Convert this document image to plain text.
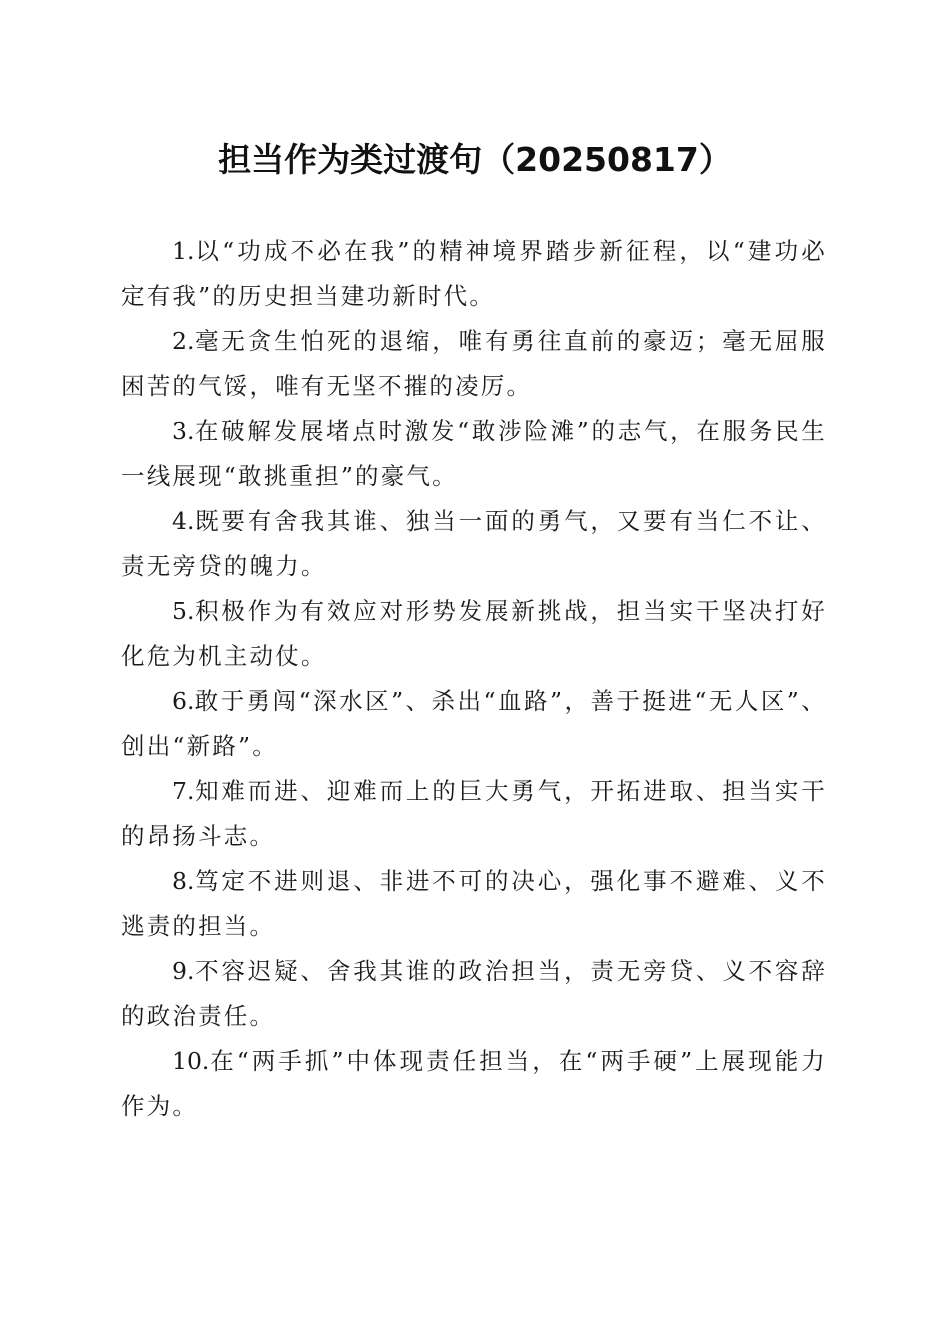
担当作为类过渡句（20250817）

1.以“功成不必在我”的精神境界踏步新征程，以“建功必定有我”的历史担当建功新时代。

2.毫无贪生怕死的退缩，唯有勇往直前的豪迈；毫无屈服困苦的气馁，唯有无坚不摧的凌厉。

3.在破解发展堵点时激发“敢涉险滩”的志气，在服务民生一线展现“敢挑重担”的豪气。

4.既要有舍我其谁、独当一面的勇气，又要有当仁不让、责无旁贷的魄力。

5.积极作为有效应对形势发展新挑战，担当实干坚决打好化危为机主动仗。

6.敢于勇闯“深水区”、杀出“血路”，善于挺进“无人区”、创出“新路”。

7.知难而进、迎难而上的巨大勇气，开拓进取、担当实干的昂扬斗志。

8.笃定不进则退、非进不可的决心，强化事不避难、义不逃责的担当。

9.不容迟疑、舍我其谁的政治担当，责无旁贷、义不容辞的政治责任。

10.在“两手抓”中体现责任担当，在“两手硬”上展现能力作为。
